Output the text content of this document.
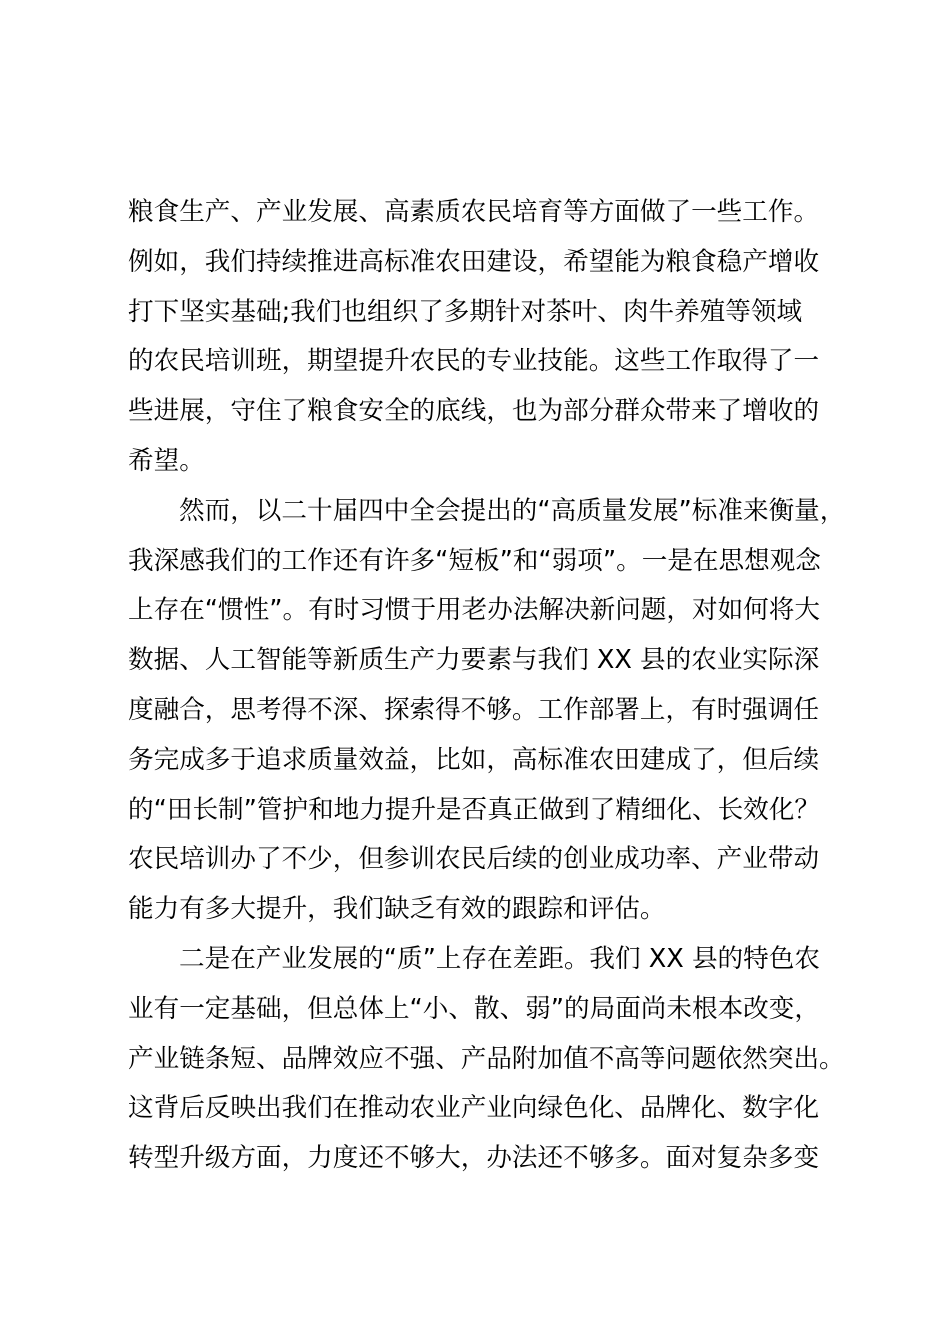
粮食生产、产业发展、高素质农民培育等方面做了一些工作。
例如，我们持续推进高标准农田建设，希望能为粮食稳产增收
打下坚实基础;我们也组织了多期针对茶叶、肉牛养殖等领域
的农民培训班，期望提升农民的专业技能。这些工作取得了一
些进展，守住了粮食安全的底线，也为部分群众带来了增收的
希望。
然而，以二十届四中全会提出的“高质量发展”标准来衡量，
我深感我们的工作还有许多“短板”和“弱项”。一是在思想观念
上存在“惯性”。有时习惯于用老办法解决新问题，对如何将大
数据、人工智能等新质生产力要素与我们 XX 县的农业实际深
度融合，思考得不深、探索得不够。工作部署上，有时强调任
务完成多于追求质量效益，比如，高标准农田建成了，但后续
的“田长制”管护和地力提升是否真正做到了精细化、长效化？
农民培训办了不少，但参训农民后续的创业成功率、产业带动
能力有多大提升，我们缺乏有效的跟踪和评估。
二是在产业发展的“质”上存在差距。我们 XX 县的特色农
业有一定基础，但总体上“小、散、弱”的局面尚未根本改变，
产业链条短、品牌效应不强、产品附加值不高等问题依然突出。
这背后反映出我们在推动农业产业向绿色化、品牌化、数字化
转型升级方面，力度还不够大，办法还不够多。面对复杂多变
